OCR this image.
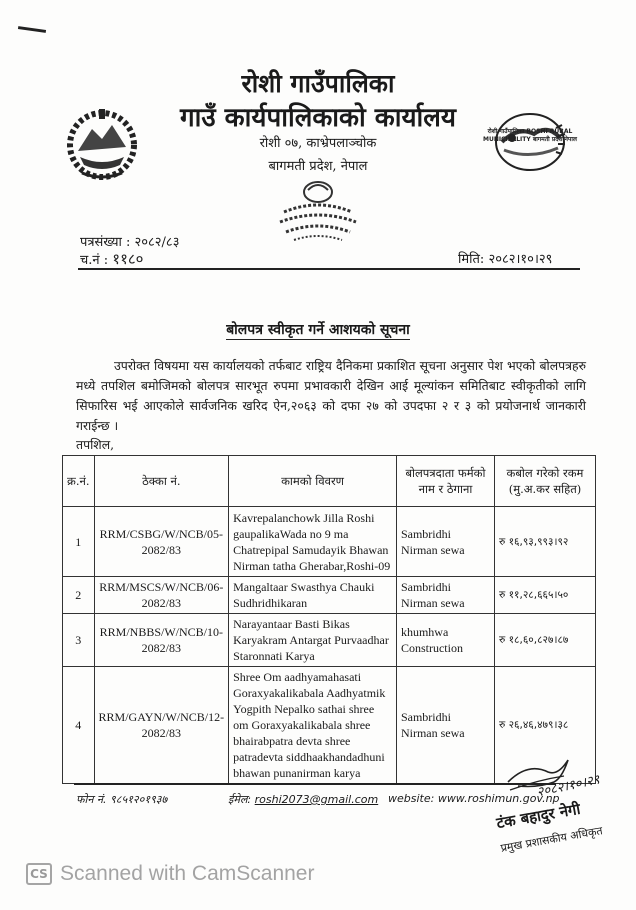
रोशी गाउँपालिका
गाउँ कार्यपालिकाको कार्यालय
रोशी ०७, काभ्रेपलाञ्चोक
बागमती प्रदेश, नेपाल
रोशी गाउँपालिका ROSHI RURAL MUNICIPALITY बागमती प्रदेश नेपाल
पत्रसंख्या : २०८२/८३
च.नं : ११८०	मिति: २०८२।१०।२९
बोलपत्र स्वीकृत गर्ने आशयको सूचना
उपरोक्त विषयमा यस कार्यालयको तर्फबाट राष्ट्रिय दैनिकमा प्रकाशित सूचना अनुसार पेश भएको बोलपत्रहरु मध्ये तपशिल बमोजिमको बोलपत्र सारभूत रुपमा प्रभावकारी देखिन आई मूल्यांकन समितिबाट स्वीकृतीको लागि सिफारिस भई आएकोले सार्वजनिक खरिद ऐन,२०६३ को दफा २७ को उपदफा २ र ३ को प्रयोजनार्थ जानकारी गराईन्छ ।
तपशिल,
क्र.नं.	ठेक्का नं.	कामको विवरण	बोलपत्रदाता फर्मको नाम र ठेगाना	कबोल गरेको रकम (मु.अ.कर सहित)
1	RRM/CSBG/W/NCB/05-2082/83	Kavrepalanchowk Jilla Roshi gaupalikaWada no 9 ma Chatrepipal Samudayik Bhawan Nirman tatha Gherabar,Roshi-09	Sambridhi Nirman sewa	रु १६,९३,९९३।९२
2	RRM/MSCS/W/NCB/06-2082/83	Mangaltaar Swasthya Chauki Sudhridhikaran	Sambridhi Nirman sewa	रु ११,२८,६६५।५०
3	RRM/NBBS/W/NCB/10-2082/83	Narayantaar Basti Bikas Karyakram Antargat Purvaadhar Staronnati Karya	khumhwa Construction	रु १८,६०,८२७।८७
4	RRM/GAYN/W/NCB/12-2082/83	Shree Om aadhyamahasati Goraxyakalikabala Aadhyatmik Yogpith Nepalko sathai shree om Goraxyakalikabala shree bhairabpatra devta shree patradevta siddhaakhandadhuni bhawan punanirman karya	Sambridhi Nirman sewa	रु २६,४६,४७९।३८
फोन नं. ९८५१२०१९३७	ईमेल: roshi2073@gmail.com website: www.roshimun.gov.np
२०८२।१०।२९
टंक बहादुर नेगी
प्रमुख प्रशासकीय अधिकृत
CS Scanned with CamScanner
